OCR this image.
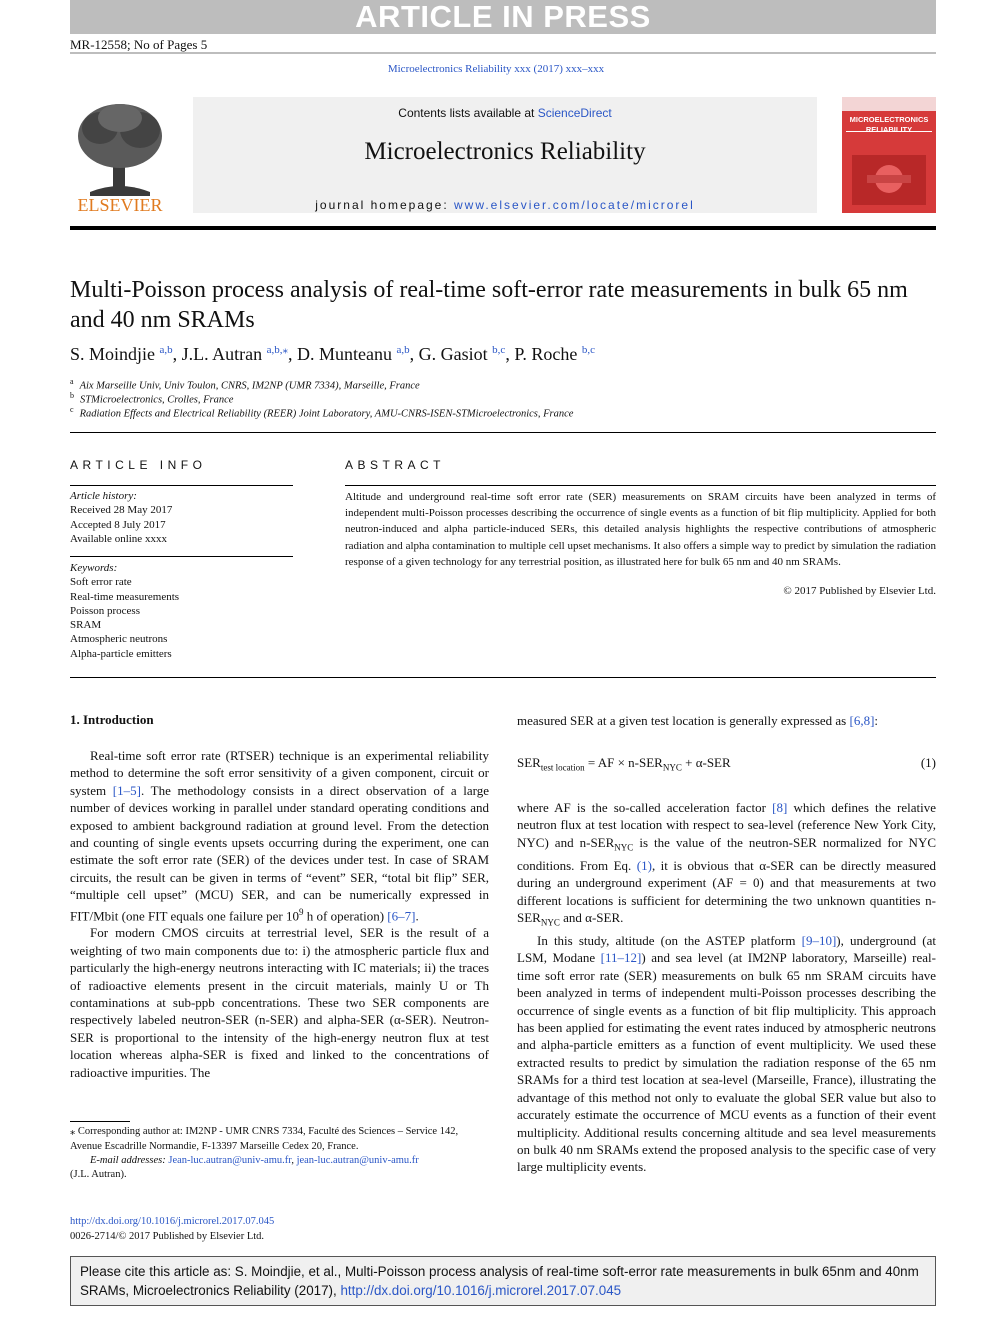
ARTICLE IN PRESS
MR-12558; No of Pages 5
Microelectronics Reliability xxx (2017) xxx–xxx
ELSEVIER
Contents lists available at ScienceDirect
Microelectronics Reliability
journal homepage: www.elsevier.com/locate/microrel
MICROELECTRONICS
RELIABILITY
Multi-Poisson process analysis of real-time soft-error rate measurements in bulk 65 nm and 40 nm SRAMs
S. Moindjie $^{a,b}$, J.L. Autran $^{a,b,⁎}$, D. Munteanu $^{a,b}$, G. Gasiot $^{b,c}$, P. Roche $^{b,c}$
$^a$ Aix Marseille Univ, Univ Toulon, CNRS, IM2NP (UMR 7334), Marseille, France
$^b$ STMicroelectronics, Crolles, France
$^c$ Radiation Effects and Electrical Reliability (REER) Joint Laboratory, AMU-CNRS-ISEN-STMicroelectronics, France
ARTICLE INFO
Article history:
Received 28 May 2017
Accepted 8 July 2017
Available online xxxx
Keywords:
Soft error rate
Real-time measurements
Poisson process
SRAM
Atmospheric neutrons
Alpha-particle emitters
ABSTRACT
Altitude and underground real-time soft error rate (SER) measurements on SRAM circuits have been analyzed in terms of independent multi-Poisson processes describing the occurrence of single events as a function of bit flip multiplicity. Applied for both neutron-induced and alpha particle-induced SERs, this detailed analysis highlights the respective contributions of atmospheric radiation and alpha contamination to multiple cell upset mechanisms. It also offers a simple way to predict by simulation the radiation response of a given technology for any terrestrial position, as illustrated here for bulk 65 nm and 40 nm SRAMs.
© 2017 Published by Elsevier Ltd.
1. Introduction

Real-time soft error rate (RTSER) technique is an experimental reliability method to determine the soft error sensitivity of a given component, circuit or system [1–5]. The methodology consists in a direct observation of a large number of devices working in parallel under standard operating conditions and exposed to ambient background radiation at ground level. From the detection and counting of single events upsets occurring during the experiment, one can estimate the soft error rate (SER) of the devices under test. In case of SRAM circuits, the result can be given in terms of “event” SER, “total bit flip” SER, “multiple cell upset” (MCU) SER, and can be numerically expressed in FIT/Mbit (one FIT equals one failure per $10^9$ h of operation) [6–7].

For modern CMOS circuits at terrestrial level, SER is the result of a weighting of two main components due to: i) the atmospheric particle flux and particularly the high-energy neutrons interacting with IC materials; ii) the traces of radioactive elements present in the circuit materials, mainly U or Th contaminations at sub-ppb concentrations. These two SER components are respectively labeled neutron-SER (n-SER) and alpha-SER (α-SER). Neutron-SER is proportional to the intensity of the high-energy neutron flux at test location whereas alpha-SER is fixed and linked to the concentrations of radioactive impurities. The

measured SER at a given test location is generally expressed as [6,8]:
$SER_{test location}$ = AF × $n-SER_{NYC} + \alpha-SER$	(1)
where AF is the so-called acceleration factor [8] which defines the relative neutron flux at test location with respect to sea-level (reference New York City, NYC) and $n-SER_{NYC}$ is the value of the neutron-SER normalized for NYC conditions. From Eq. (1), it is obvious that α-SER can be directly measured during an underground experiment (AF = 0) and that measurements at two different locations is sufficient for determining the two unknown quantities $n-SER_{NYC}$ and α-SER.

In this study, altitude (on the ASTEP platform [9–10]), underground (at LSM, Modane [11–12]) and sea level (at IM2NP laboratory, Marseille) real-time soft error rate (SER) measurements on bulk 65 nm SRAM circuits have been analyzed in terms of independent multi-Poisson processes describing the occurrence of single events as a function of bit flip multiplicity. This approach has been applied for estimating the event rates induced by atmospheric neutrons and alpha-particle emitters as a function of event multiplicity. We used these extracted results to predict by simulation the radiation response of the 65 nm SRAMs for a third test location at sea-level (Marseille, France), illustrating the advantage of this method not only to evaluate the global SER value but also to accurately estimate the occurrence of MCU events as a function of their event multiplicity. Additional results concerning altitude and sea level measurements on bulk 40 nm SRAMs extend the proposed analysis to the specific case of very large multiplicity events.

⁎ Corresponding author at: IM2NP - UMR CNRS 7334, Faculté des Sciences – Service 142, Avenue Escadrille Normandie, F-13397 Marseille Cedex 20, France.
E-mail addresses: Jean-luc.autran@univ-amu.fr, jean-luc.autran@univ-amu.fr
(J.L. Autran).
http://dx.doi.org/10.1016/j.microrel.2017.07.045
0026-2714/© 2017 Published by Elsevier Ltd.
Please cite this article as: S. Moindjie, et al., Multi-Poisson process analysis of real-time soft-error rate measurements in bulk 65nm and 40nm SRAMs, Microelectronics Reliability (2017), http://dx.doi.org/10.1016/j.microrel.2017.07.045
